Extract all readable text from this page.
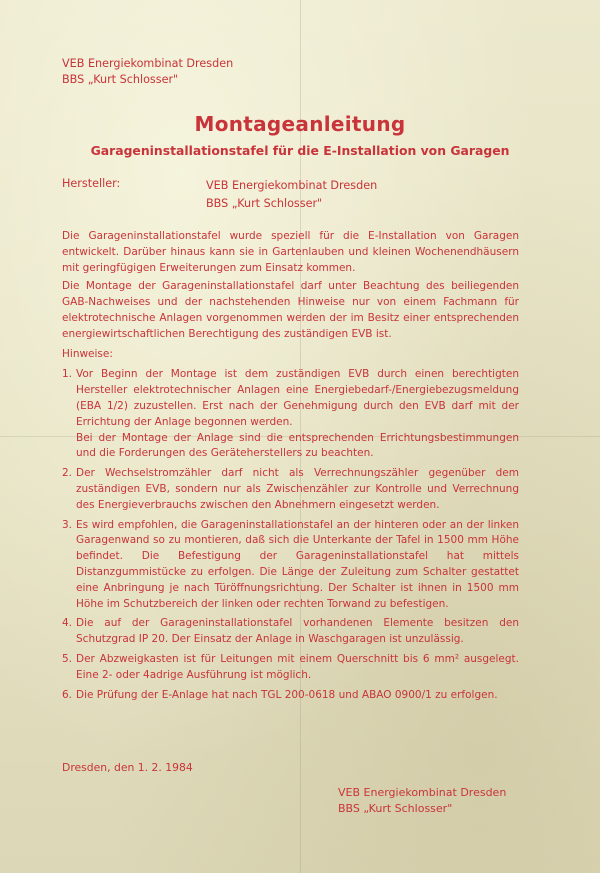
VEB Energiekombinat Dresden
BBS „Kurt Schlosser"
Montageanleitung
Garageninstallationstafel für die E-Installation von Garagen
Hersteller:	VEB Energiekombinat Dresden
BBS „Kurt Schlosser"

Die Garageninstallationstafel wurde speziell für die E-Installation von Garagen entwickelt. Darüber hinaus kann sie in Gartenlauben und kleinen Wochenendhäusern mit geringfügigen Erweiterungen zum Einsatz kommen.

Die Montage der Garageninstallationstafel darf unter Beachtung des beiliegenden GAB-Nachweises und der nachstehenden Hinweise nur von einem Fachmann für elektrotechnische Anlagen vorgenommen werden der im Besitz einer entsprechenden energiewirtschaftlichen Berechtigung des zuständigen EVB ist.

Hinweise:
1. Vor Beginn der Montage ist dem zuständigen EVB durch einen berechtigten Hersteller elektrotechnischer Anlagen eine Energiebedarf-/Energiebezugsmeldung (EBA 1/2) zuzustellen. Erst nach der Genehmigung durch den EVB darf mit der Errichtung der Anlage begonnen werden.
Bei der Montage der Anlage sind die entsprechenden Errichtungsbestimmungen und die Forderungen des Geräteherstellers zu beachten.
2. Der Wechselstromzähler darf nicht als Verrechnungszähler gegenüber dem zuständigen EVB, sondern nur als Zwischenzähler zur Kontrolle und Verrechnung des Energieverbrauchs zwischen den Abnehmern eingesetzt werden.
3. Es wird empfohlen, die Garageninstallationstafel an der hinteren oder an der linken Garagenwand so zu montieren, daß sich die Unterkante der Tafel in 1500 mm Höhe befindet. Die Befestigung der Garageninstallationstafel hat mittels Distanzgummistücke zu erfolgen. Die Länge der Zuleitung zum Schalter gestattet eine Anbringung je nach Türöffnungsrichtung. Der Schalter ist ihnen in 1500 mm Höhe im Schutzbereich der linken oder rechten Torwand zu befestigen.
4. Die auf der Garageninstallationstafel vorhandenen Elemente besitzen den Schutzgrad IP 20. Der Einsatz der Anlage in Waschgaragen ist unzulässig.
5. Der Abzweigkasten ist für Leitungen mit einem Querschnitt bis 6 mm² ausgelegt. Eine 2- oder 4adrige Ausführung ist möglich.
6. Die Prüfung der E-Anlage hat nach TGL 200-0618 und ABAO 0900/1 zu erfolgen.
Dresden, den 1. 2. 1984
VEB Energiekombinat Dresden
BBS „Kurt Schlosser"
